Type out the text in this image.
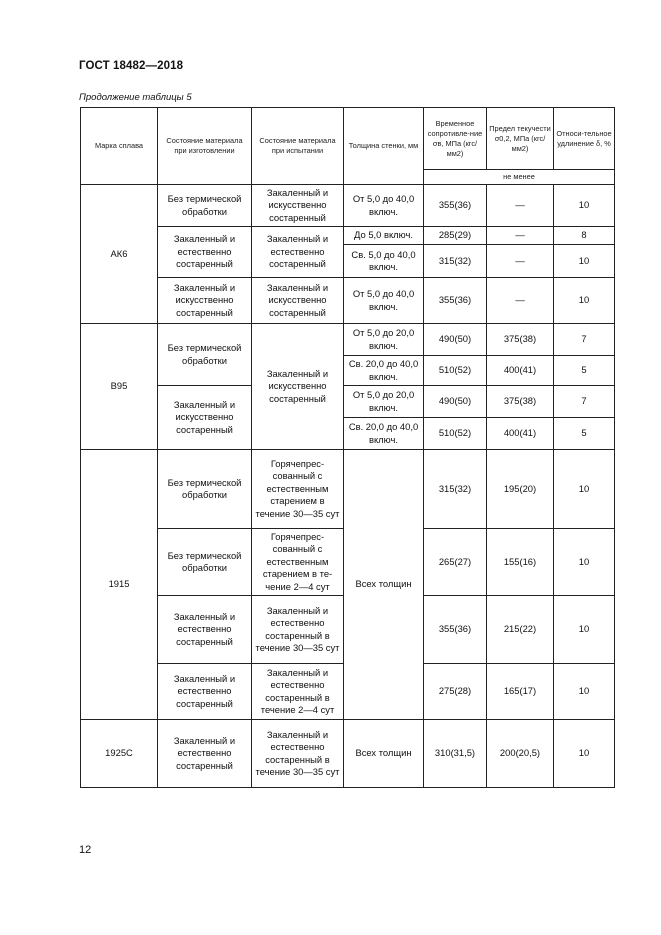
ГОСТ 18482—2018
Продолжение таблицы 5
Марка сплава	Состояние материала при изготовлении	Состояние материала при испытании	Толщина стенки, мм	Временное сопротивле-ние σв, МПа (кгс/мм2)	Предел текучести σ0,2, МПа (кгс/мм2)	Относи-тельное удлинение δ, %
				не менее		
АК6	Без термической обработки	Закаленный и искусственно состаренный	От 5,0 до 40,0 включ.	355(36)	—	10
	Закаленный и естественно состаренный	Закаленный и естественно состаренный	До 5,0 включ.	285(29)	—	8
			Св. 5,0 до 40,0 включ.	315(32)	—	10
	Закаленный и искусственно состаренный	Закаленный и искусственно состаренный	От 5,0 до 40,0 включ.	355(36)	—	10
В95	Без термической обработки	Закаленный и искусственно состаренный	От 5,0 до 20,0 включ.	490(50)	375(38)	7
			Св. 20,0 до 40,0 включ.	510(52)	400(41)	5
	Закаленный и искусственно состаренный		От 5,0 до 20,0 включ.	490(50)	375(38)	7
			Св. 20,0 до 40,0 включ.	510(52)	400(41)	5
1915	Без термической обработки	Горячепрес-сованный с естественным старением в течение 30—35 сут	Всех толщин	315(32)	195(20)	10
	Без термической обработки	Горячепрес-сованный с естественным старением в те-чение 2—4 сут		265(27)	155(16)	10
	Закаленный и естественно состаренный	Закаленный и естественно состаренный в течение 30—35 сут		355(36)	215(22)	10
	Закаленный и естественно состаренный	Закаленный и естественно состаренный в течение 2—4 сут		275(28)	165(17)	10
1925С	Закаленный и естественно состаренный	Закаленный и естественно состаренный в течение 30—35 сут	Всех толщин	310(31,5)	200(20,5)	10
12
